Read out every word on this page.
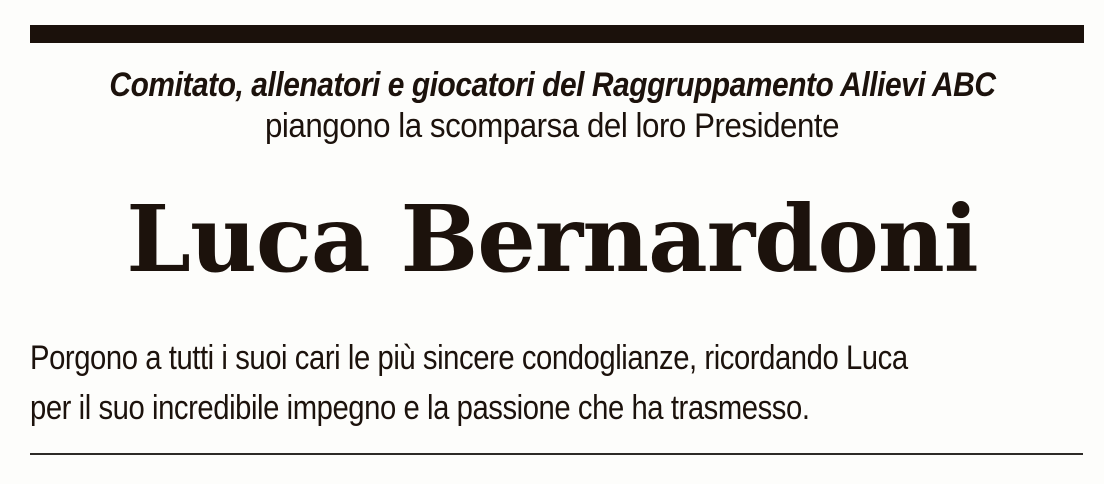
Comitato, allenatori e giocatori del Raggruppamento Allievi ABC
piangono la scomparsa del loro Presidente
Luca Bernardoni
Porgono a tutti i suoi cari le più sincere condoglianze, ricordando Luca
per il suo incredibile impegno e la passione che ha trasmesso.
